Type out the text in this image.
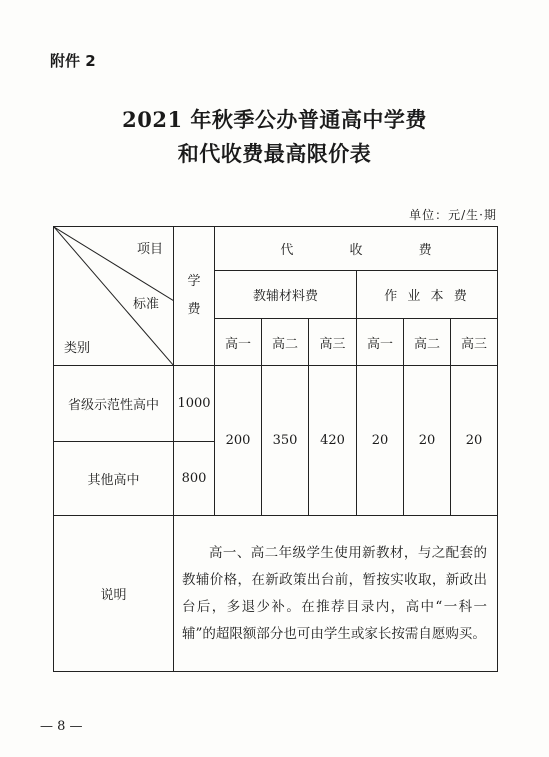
附件 2
2021 年秋季公办普通高中学费
和代收费最高限价表
单位：元/生·期
项目
标准
类别	学费	代 收 费					
		教辅材料费			作 业 本 费		
		高一	高二	高三	高一	高二	高三
省级示范性高中	1000	200	350	420	20	20	20
其他高中	800						
说明	高一、高二年级学生使用新教材，与之配套的教辅价格，在新政策出台前，暂按实收取，新政出台后，多退少补。在推荐目录内，高中“一科一辅”的超限额部分也可由学生或家长按需自愿购买。						
— 8 —
